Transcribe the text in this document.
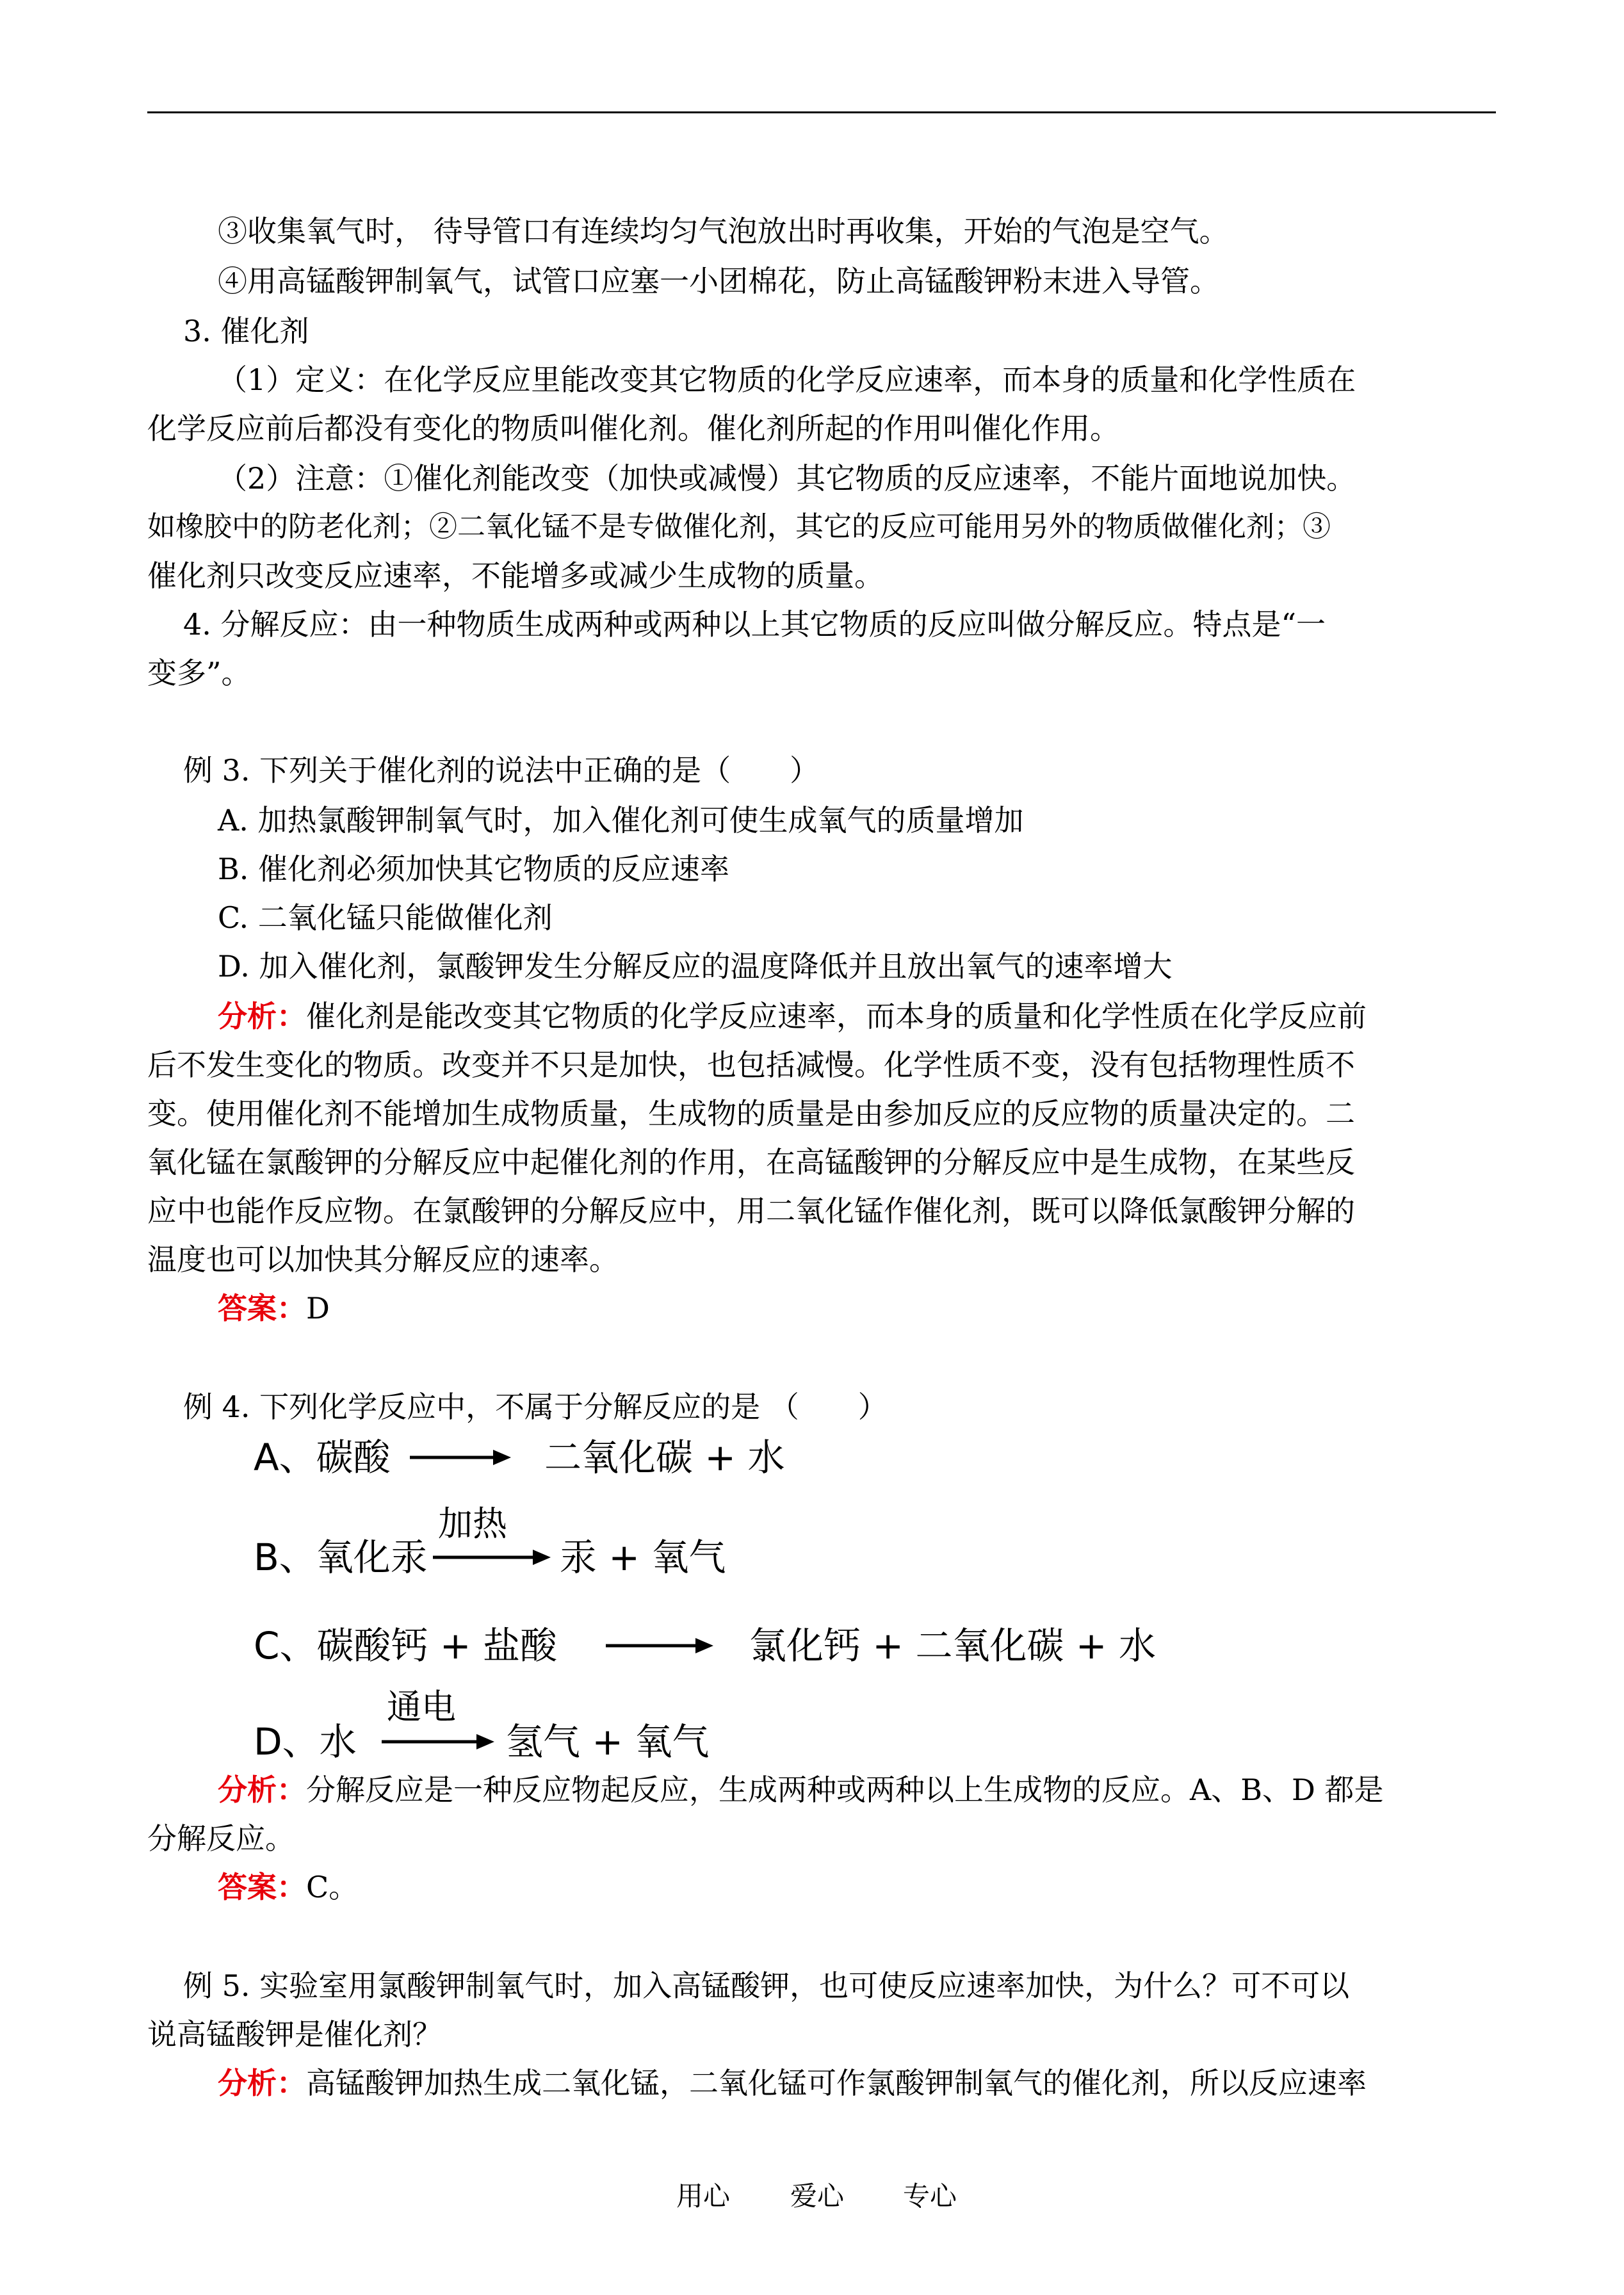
③收集氧气时， 待导管口有连续均匀气泡放出时再收集，开始的气泡是空气。
④用高锰酸钾制氧气，试管口应塞一小团棉花，防止高锰酸钾粉末进入导管。
3. 催化剂
（1）定义：在化学反应里能改变其它物质的化学反应速率，而本身的质量和化学性质在
化学反应前后都没有变化的物质叫催化剂。催化剂所起的作用叫催化作用。
（2）注意：①催化剂能改变（加快或减慢）其它物质的反应速率，不能片面地说加快。
如橡胶中的防老化剂；②二氧化锰不是专做催化剂，其它的反应可能用另外的物质做催化剂；③
催化剂只改变反应速率，不能增多或减少生成物的质量。
4. 分解反应：由一种物质生成两种或两种以上其它物质的反应叫做分解反应。特点是“一
变多”。
例 3. 下列关于催化剂的说法中正确的是（　　）
A. 加热氯酸钾制氧气时，加入催化剂可使生成氧气的质量增加
B. 催化剂必须加快其它物质的反应速率
C. 二氧化锰只能做催化剂
D. 加入催化剂，氯酸钾发生分解反应的温度降低并且放出氧气的速率增大
分析：催化剂是能改变其它物质的化学反应速率，而本身的质量和化学性质在化学反应前
后不发生变化的物质。改变并不只是加快，也包括减慢。化学性质不变，没有包括物理性质不
变。使用催化剂不能增加生成物质量，生成物的质量是由参加反应的反应物的质量决定的。二
氧化锰在氯酸钾的分解反应中起催化剂的作用，在高锰酸钾的分解反应中是生成物，在某些反
应中也能作反应物。在氯酸钾的分解反应中，用二氧化锰作催化剂，既可以降低氯酸钾分解的
温度也可以加快其分解反应的速率。
答案：D
例 4. 下列化学反应中，不属于分解反应的是 （　　）
A、碳酸	二氧化碳 + 水
B、氧化汞
加热
汞 + 氧气
C、碳酸钙 + 盐酸	氯化钙 + 二氧化碳 + 水
D、水
通电
氢气 + 氧气
分析：分解反应是一种反应物起反应，生成两种或两种以上生成物的反应。A、B、D 都是
分解反应。
答案：C。
例 5. 实验室用氯酸钾制氧气时，加入高锰酸钾，也可使反应速率加快，为什么？可不可以
说高锰酸钾是催化剂？
分析：高锰酸钾加热生成二氧化锰，二氧化锰可作氯酸钾制氧气的催化剂，所以反应速率
用心 爱心 专心
